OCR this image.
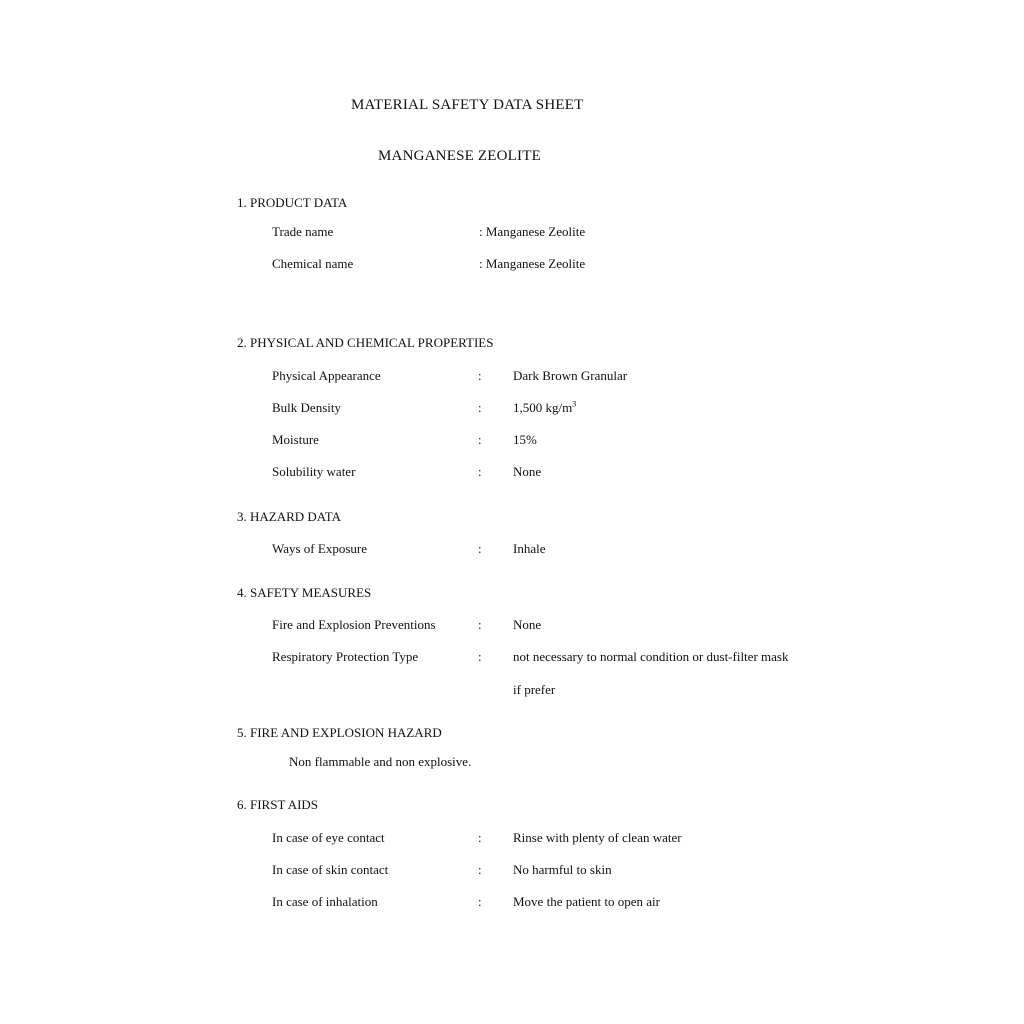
MATERIAL SAFETY DATA SHEET
MANGANESE ZEOLITE
1. PRODUCT DATA
Trade name	: Manganese Zeolite
Chemical name	: Manganese Zeolite
2. PHYSICAL AND CHEMICAL PROPERTIES
Physical Appearance	: Dark Brown Granular
Bulk Density	: 1,500 $kg/m^3$
Moisture	: 15%
Solubility water	: None
3. HAZARD DATA
Ways of Exposure	: Inhale
4. SAFETY MEASURES
Fire and Explosion Preventions	: None
Respiratory Protection Type	: not necessary to normal condition or dust-filter mask
if prefer
5. FIRE AND EXPLOSION HAZARD
Non flammable and non explosive.
6. FIRST AIDS
In case of eye contact	: Rinse with plenty of clean water
In case of skin contact	: No harmful to skin
In case of inhalation	: Move the patient to open air
